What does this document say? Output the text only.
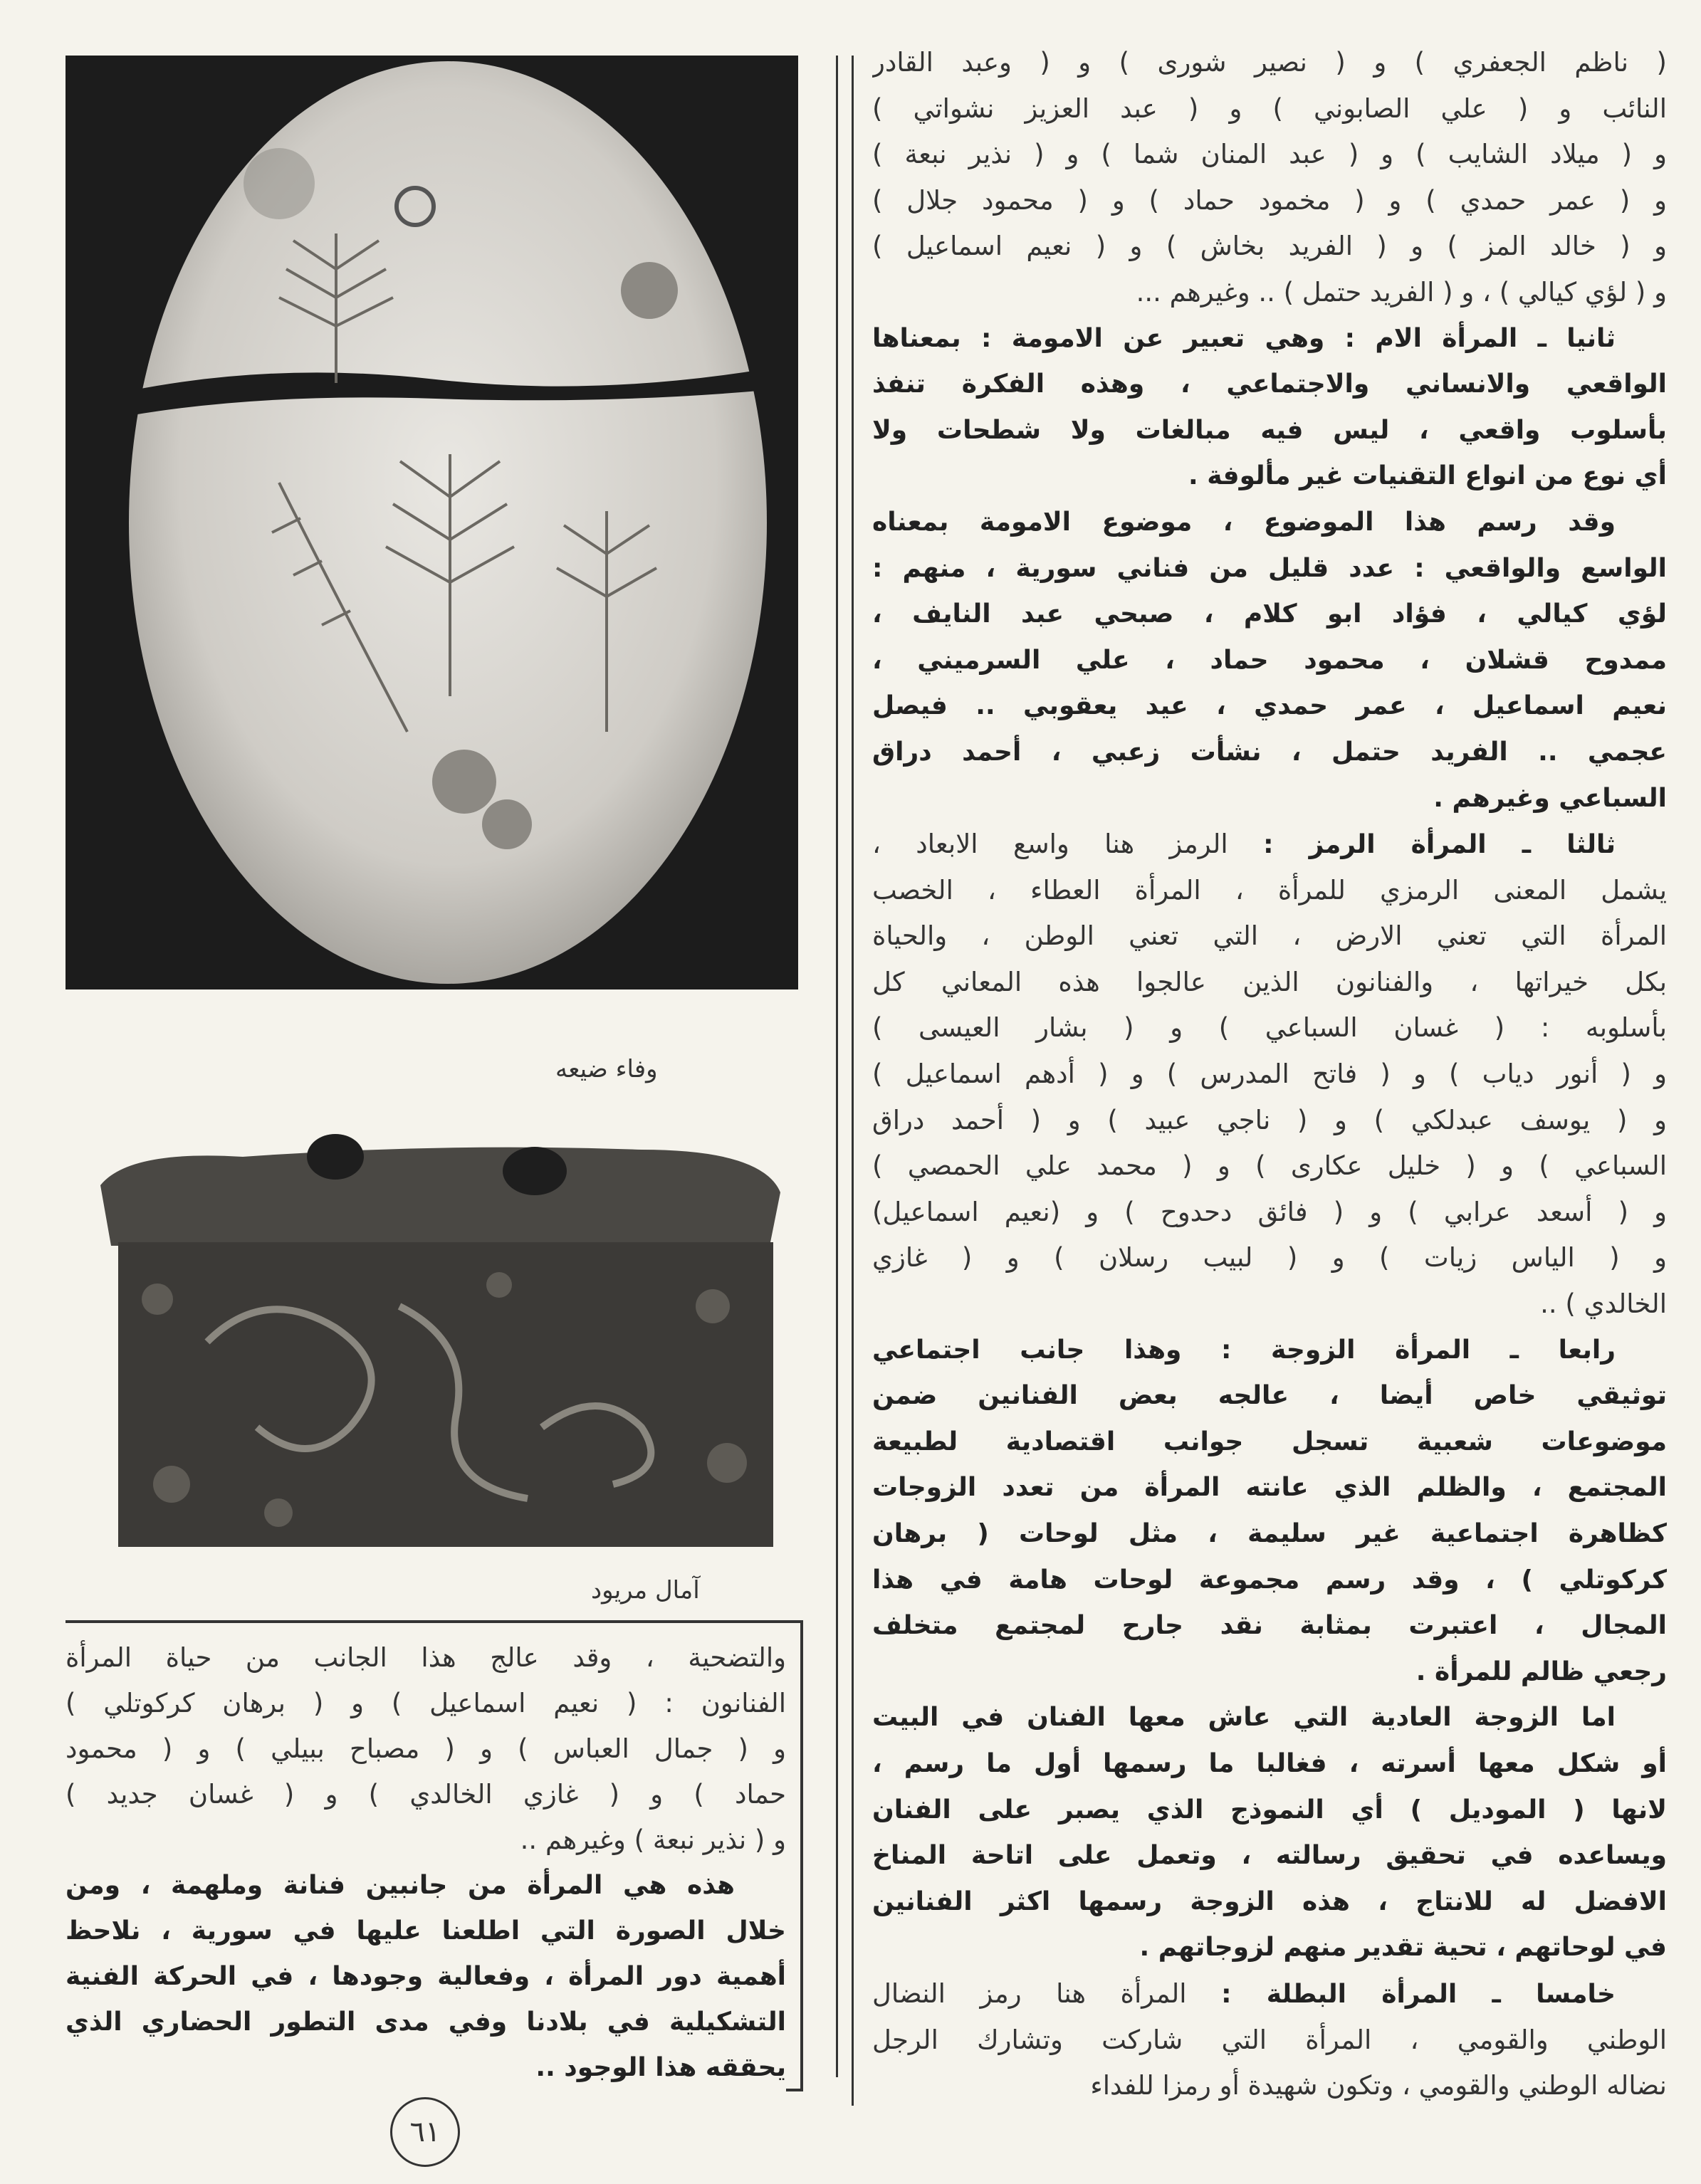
وفاء ضيعه
آمال مريود
( ناظم الجعفري ) و ( نصير شورى ) و ( وعبد القادر
النائب و ( علي الصابوني ) و ( عبد العزيز نشواتي )
و ( ميلاد الشايب ) و ( عبد المنان شما ) و ( نذير نبعة )
و ( عمر حمدي ) و ( مخمود حماد ) و ( محمود جلال )
و ( خالد المز ) و ( الفريد بخاش ) و ( نعيم اسماعيل )
و ( لؤي كيالي ) ، و ( الفريد حتمل ) .. وغيرهم ...
ثانيا ـ المرأة الام : وهي تعبير عن الامومة : بمعناها
الواقعي والانساني والاجتماعي ، وهذه الفكرة تنفذ
بأسلوب واقعي ، ليس فيه مبالغات ولا شطحات ولا
أي نوع من انواع التقنيات غير مألوفة .
وقد رسم هذا الموضوع ، موضوع الامومة بمعناه
الواسع والواقعي : عدد قليل من فناني سورية ، منهم :
لؤي كيالي ، فؤاد ابو كلام ، صبحي عبد النايف ،
ممدوح قشلان ، محمود حماد ، علي السرميني ،
نعيم اسماعيل ، عمر حمدي ، عيد يعقوبي .. فيصل
عجمي .. الفريد حتمل ، نشأت زعبي ، أحمد دراق
السباعي وغيرهم .
ثالثا ـ المرأة الرمز : الرمز هنا واسع الابعاد ،
يشمل المعنى الرمزي للمرأة ، المرأة العطاء ، الخصب
المرأة التي تعني الارض ، التي تعني الوطن ، والحياة
بكل خيراتها ، والفنانون الذين عالجوا هذه المعاني كل
بأسلوبه : ( غسان السباعي ) و ( بشار العيسى )
و ( أنور دياب ) و ( فاتح المدرس ) و ( أدهم اسماعيل )
و ( يوسف عبدلكي ) و ( ناجي عبيد ) و ( أحمد دراق
السباعي ) و ( خليل عكارى ) و ( محمد علي الحمصي )
و ( أسعد عرابي ) و ( فائق دحدوح ) و (نعيم اسماعيل)
و ( الياس زيات ) و ( لبيب رسلان ) و ( غازي
الخالدي ) ..
رابعا ـ المرأة الزوجة : وهذا جانب اجتماعي
توثيقي خاص أيضا ، عالجه بعض الفنانين ضمن
موضوعات شعبية تسجل جوانب اقتصادية لطبيعة
المجتمع ، والظلم الذي عانته المرأة من تعدد الزوجات
كظاهرة اجتماعية غير سليمة ، مثل لوحات ( برهان
كركوتلي ) ، وقد رسم مجموعة لوحات هامة في هذا
المجال ، اعتبرت بمثابة نقد جارح لمجتمع متخلف
رجعي ظالم للمرأة .
اما الزوجة العادية التي عاش معها الفنان في البيت
أو شكل معها أسرته ، فغالبا ما رسمها أول ما رسم ،
لانها ( الموديل ) أي النموذج الذي يصبر على الفنان
ويساعده في تحقيق رسالته ، وتعمل على اتاحة المناخ
الافضل له للانتاج ، هذه الزوجة رسمها اكثر الفنانين
في لوحاتهم ، تحية تقدير منهم لزوجاتهم .
خامسا ـ المرأة البطلة : المرأة هنا رمز النضال
الوطني والقومي ، المرأة التي شاركت وتشارك الرجل
نضاله الوطني والقومي ، وتكون شهيدة أو رمزا للفداء
والتضحية ، وقد عالج هذا الجانب من حياة المرأة
الفنانون : ( نعيم اسماعيل ) و ( برهان كركوتلي )
و ( جمال العباس ) و ( مصباح ببيلي ) و ( محمود
حماد ) و ( غازي الخالدي ) و ( غسان جديد )
و ( نذير نبعة ) وغيرهم ..
هذه هي المرأة من جانبين فنانة وملهمة ، ومن
خلال الصورة التي اطلعنا عليها في سورية ، نلاحظ
أهمية دور المرأة ، وفعالية وجودها ، في الحركة الفنية
التشكيلية في بلادنا وفي مدى التطور الحضاري الذي
يحققه هذا الوجود ..
٦١
